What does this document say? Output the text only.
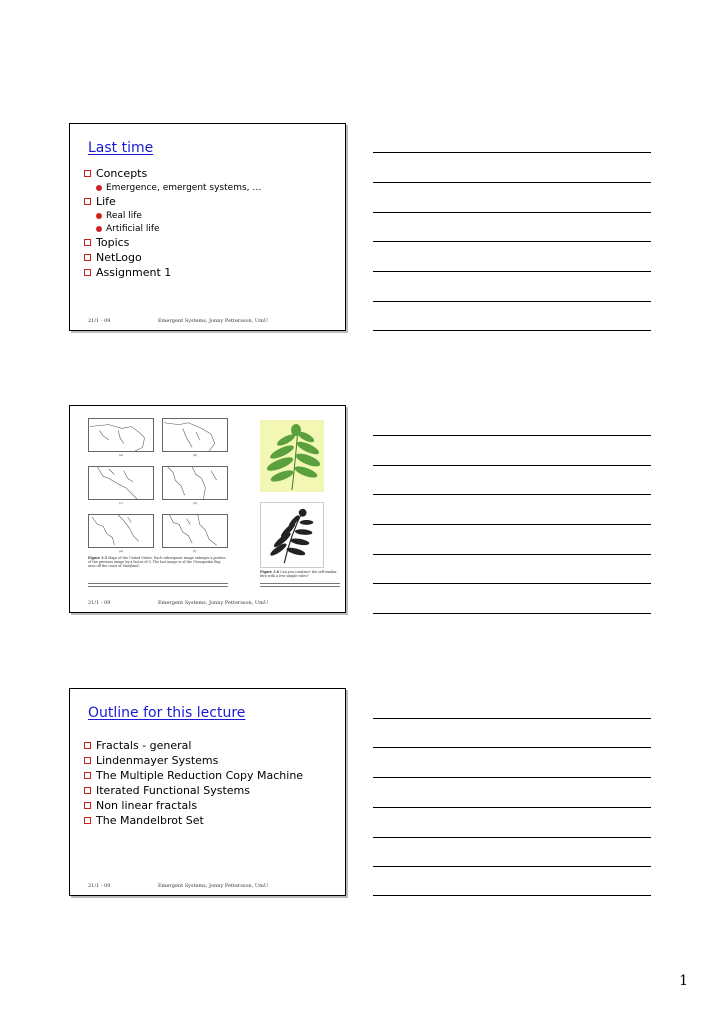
Last time
Concepts
Emergence, emergent systems, …
Life
Real life
Artificial life
Topics
NetLogo
Assignment 1
21/1 - 09	Emergent Systems, Jonny Pettersson, UmU
(a)	(b)
(c)	(d)
(e)	(f)
Figure 3.5 Maps of the United States. Each subsequent image enlarges a portion of the previous image by a factor of 5. The last image is of the Chesapeake Bay area off the coast of Maryland.
Figure 3.6 Can you construct the self-similar fern with a few simple rules?
21/1 - 09	Emergent Systems, Jonny Pettersson, UmU
Outline for this lecture
Fractals - general
Lindenmayer Systems
The Multiple Reduction Copy Machine
Iterated Functional Systems
Non linear fractals
The Mandelbrot Set
21/1 - 09	Emergent Systems, Jonny Pettersson, UmU
1
